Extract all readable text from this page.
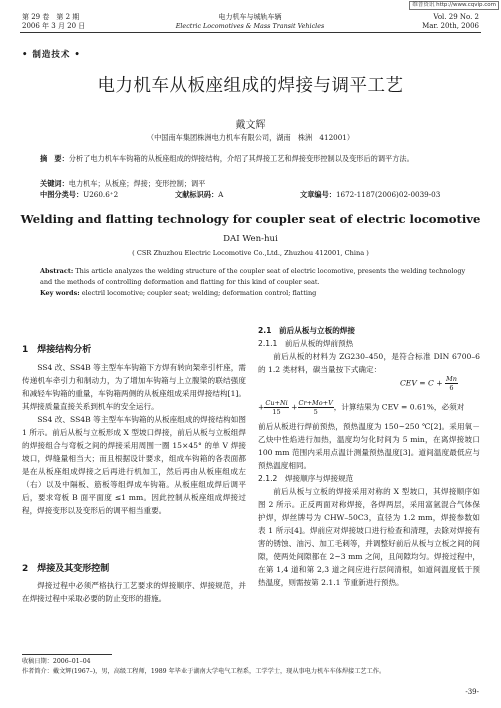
维普资讯 http://www.cqvip.com
第 29 卷　第 2 期
2006 年 3 月 20 日
电力机车与城轨车辆
Electric Locomotives & Mass Transit Vehicles
Vol. 29 No. 2
Mar. 20th, 2006
• 制造技术 •
电力机车从板座组成的焊接与调平工艺
戴文辉
（中国南车集团株洲电力机车有限公司，湖南　株洲　412001）
摘　要：分析了电力机车车钩箱的从板座组成的焊接结构，介绍了其焊接工艺和焊接变形控制以及变形后的调平方法。
关键词：电力机车；从板座；焊接；变形控制；调平
中图分类号：U260.6⁺2	文献标识码：A	文章编号：1672-1187(2006)02-0039-03
Welding and flatting technology for coupler seat of electric locomotive
DAI Wen-hui
( CSR Zhuzhou Electric Locomotive Co.,Ltd., Zhuzhou 412001, China )
Abstract: This article analyzes the welding structure of the coupler seat of electric locomotive, presents the welding technology
and the methods of controlling deformation and flatting for this kind of coupler seat.
Key words: electril locomotive; coupler seat; welding; deformation control; flatting
1　焊接结构分析

SS4 改、SS4B 等主型车车钩箱下方焊有转向架牵引杆座，需传递机车牵引力和制动力，为了增加车钩箱与上立腹梁的联结强度和减轻车钩箱的重量，车钩箱两侧的从板座组成采用焊接结构[1]。其焊接质量直接关系到机车的安全运行。

SS4 改、SS4B 等主型车车钩箱的从板座组成的焊接结构如图 1 所示。前后从板与立板形成 X 型坡口焊接，前后从板与立板组焊的焊接组合与弯板之间的焊接采用周围一圈 15×45° 的单 V 焊接坡口，焊缝量相当大；而且根据设计要求，组成车钩箱的各表面都是在从板座组成焊接之后再进行机加工，然后再由从板座组成左（右）以及中隔板、筋板等组焊成车钩箱。从板座组成焊后调平后，要求弯板 B 面平面度 ≤1 mm。因此控制从板座组成焊接过程，焊接变形以及变形后的调平相当重要。

2　焊接及其变形控制

焊接过程中必须严格执行工艺要求的焊接顺序、焊接规范，并在焊接过程中采取必要的防止变形的措施。

2.1　前后从板与立板的焊接
2.1.1　前后从板的焊前预热

前后从板的材料为 ZG230–450，是符合标准 DIN 6700–6 的 1.2 类材料，碳当量按下式确定：

CEV = $C + \frac{Mn}{6}$
+ $\frac{Cu+Ni}{15} + \frac{Cr+Mo+V}{5}$ ，计算结果为 CEV = 0.61%，必须对
前后从板进行焊前预热，预热温度为 150~250 ℃[2]。采用氧－乙炔中性焰进行加热，温度均匀化时间为 5 min，在离焊接坡口 100 mm 范围内采用点温计测量预热温度[3]。道间温度最低应与预热温度相同。
2.1.2　焊接顺序与焊接规范

前后从板与立板的焊接采用对称的 X 型坡口，其焊接顺序如图 2 所示。正反两面对称焊接，各焊两层，采用富氩混合气体保护焊，焊丝牌号为 CHW–50C3，直径为 1.2 mm，焊接参数如表 1 所示[4]。焊前应对焊接坡口进行检查和清理，去除对焊接有害的锈蚀、油污、加工毛刺等，并调整好前后从板与立板之间的间隙，使两处间隙都在 2~3 mm 之间，且间隙均匀。焊接过程中，在第 1,4 道和第 2,3 道之间应进行层间清根，如道间温度低于预热温度，则需按第 2.1.1 节重新进行预热。

收稿日期：2006–01–04
作者简介：戴文辉(1967–)，男，高级工程师，1989 年毕业于湖南大学电气工程系，工学学士，现从事电力机车车体焊接工艺工作。
-39-
